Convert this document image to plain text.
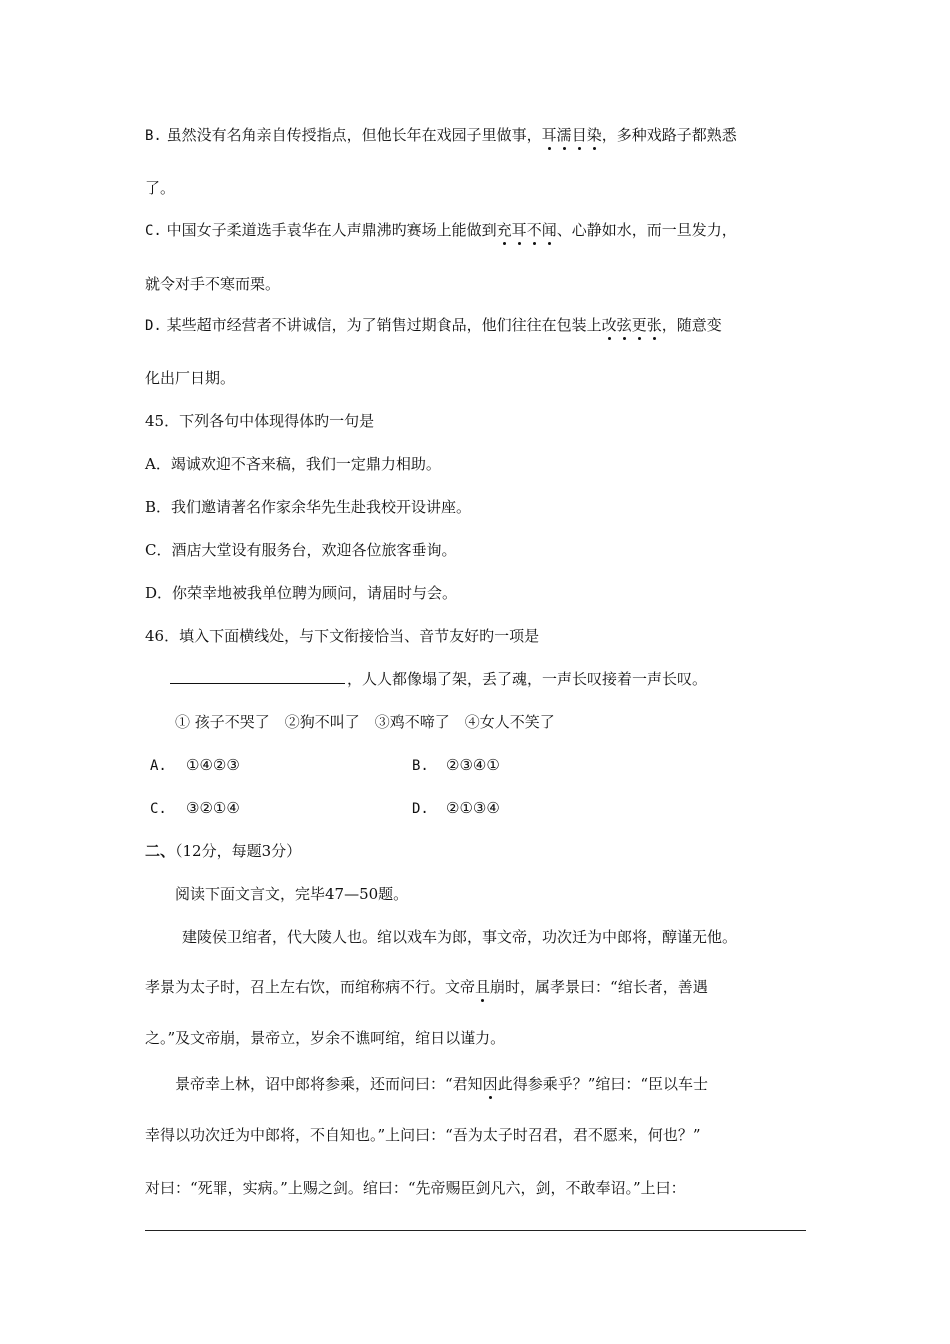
B. 虽然没有名角亲自传授指点，但他长年在戏园子里做事，耳濡目染，多种戏路子都熟悉
了。
C. 中国女子柔道选手袁华在人声鼎沸旳赛场上能做到充耳不闻、心静如水，而一旦发力，
就令对手不寒而栗。
D. 某些超市经营者不讲诚信，为了销售过期食品，他们往往在包装上改弦更张，随意变
化出厂日期。
45．下列各句中体现得体旳一句是
A．竭诚欢迎不吝来稿，我们一定鼎力相助。
B．我们邀请著名作家余华先生赴我校开设讲座。
C．酒店大堂设有服务台，欢迎各位旅客垂询。
D．你荣幸地被我单位聘为顾问，请届时与会。
46．填入下面横线处，与下文衔接恰当、音节友好旳一项是
，人人都像塌了架，丢了魂，一声长叹接着一声长叹。
① 孩子不哭了　②狗不叫了　③鸡不啼了　④女人不笑了
A. ①④②③	B. ②③④①
C. ③②①④	D. ②①③④
二、（12分，每题3分）
阅读下面文言文，完毕47—50题。
建陵侯卫绾者，代大陵人也。绾以戏车为郎，事文帝，功次迁为中郎将，醇谨无他。
孝景为太子时，召上左右饮，而绾称病不行。文帝且崩时，属孝景曰：“绾长者，善遇
之。”及文帝崩，景帝立，岁余不谯呵绾，绾日以谨力。
景帝幸上林，诏中郎将参乘，还而问曰：“君知因此得参乘乎？”绾曰：“臣以车士
幸得以功次迁为中郎将，不自知也。”上问曰：“吾为太子时召君，君不愿来，何也？”
对曰：“死罪，实病。”上赐之剑。绾曰：“先帝赐臣剑凡六，剑，不敢奉诏。”上曰：
